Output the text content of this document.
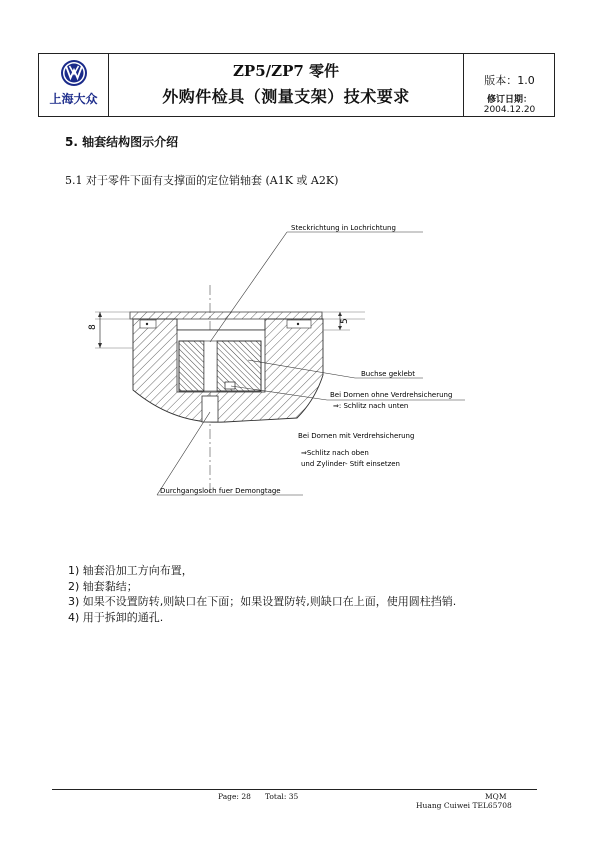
上海大众
ZP5/ZP7 零件
外购件检具（测量支架）技术要求
版本：1.0
修订日期：2004.12.20
5. 轴套结构图示介绍
5.1 对于零件下面有支撑面的定位销轴套 (A1K 或 A2K)
8
5
Steckrichtung in Lochrichtung
Buchse geklebt
Bei Dornen ohne Verdrehsicherung
⇒: Schlitz nach unten
Bei Dornen mit Verdrehsicherung
⇒Schlitz nach oben
und Zylinder- Stift einsetzen
Durchgangsloch fuer Demongtage
1) 轴套沿加工方向布置，
2) 轴套黏结；
3) 如果不设置防转,则缺口在下面；如果设置防转,则缺口在上面，使用圆柱挡销.
4) 用于拆卸的通孔.
Page: 28 Total: 35	MQM
Huang Cuiwei TEL65708
